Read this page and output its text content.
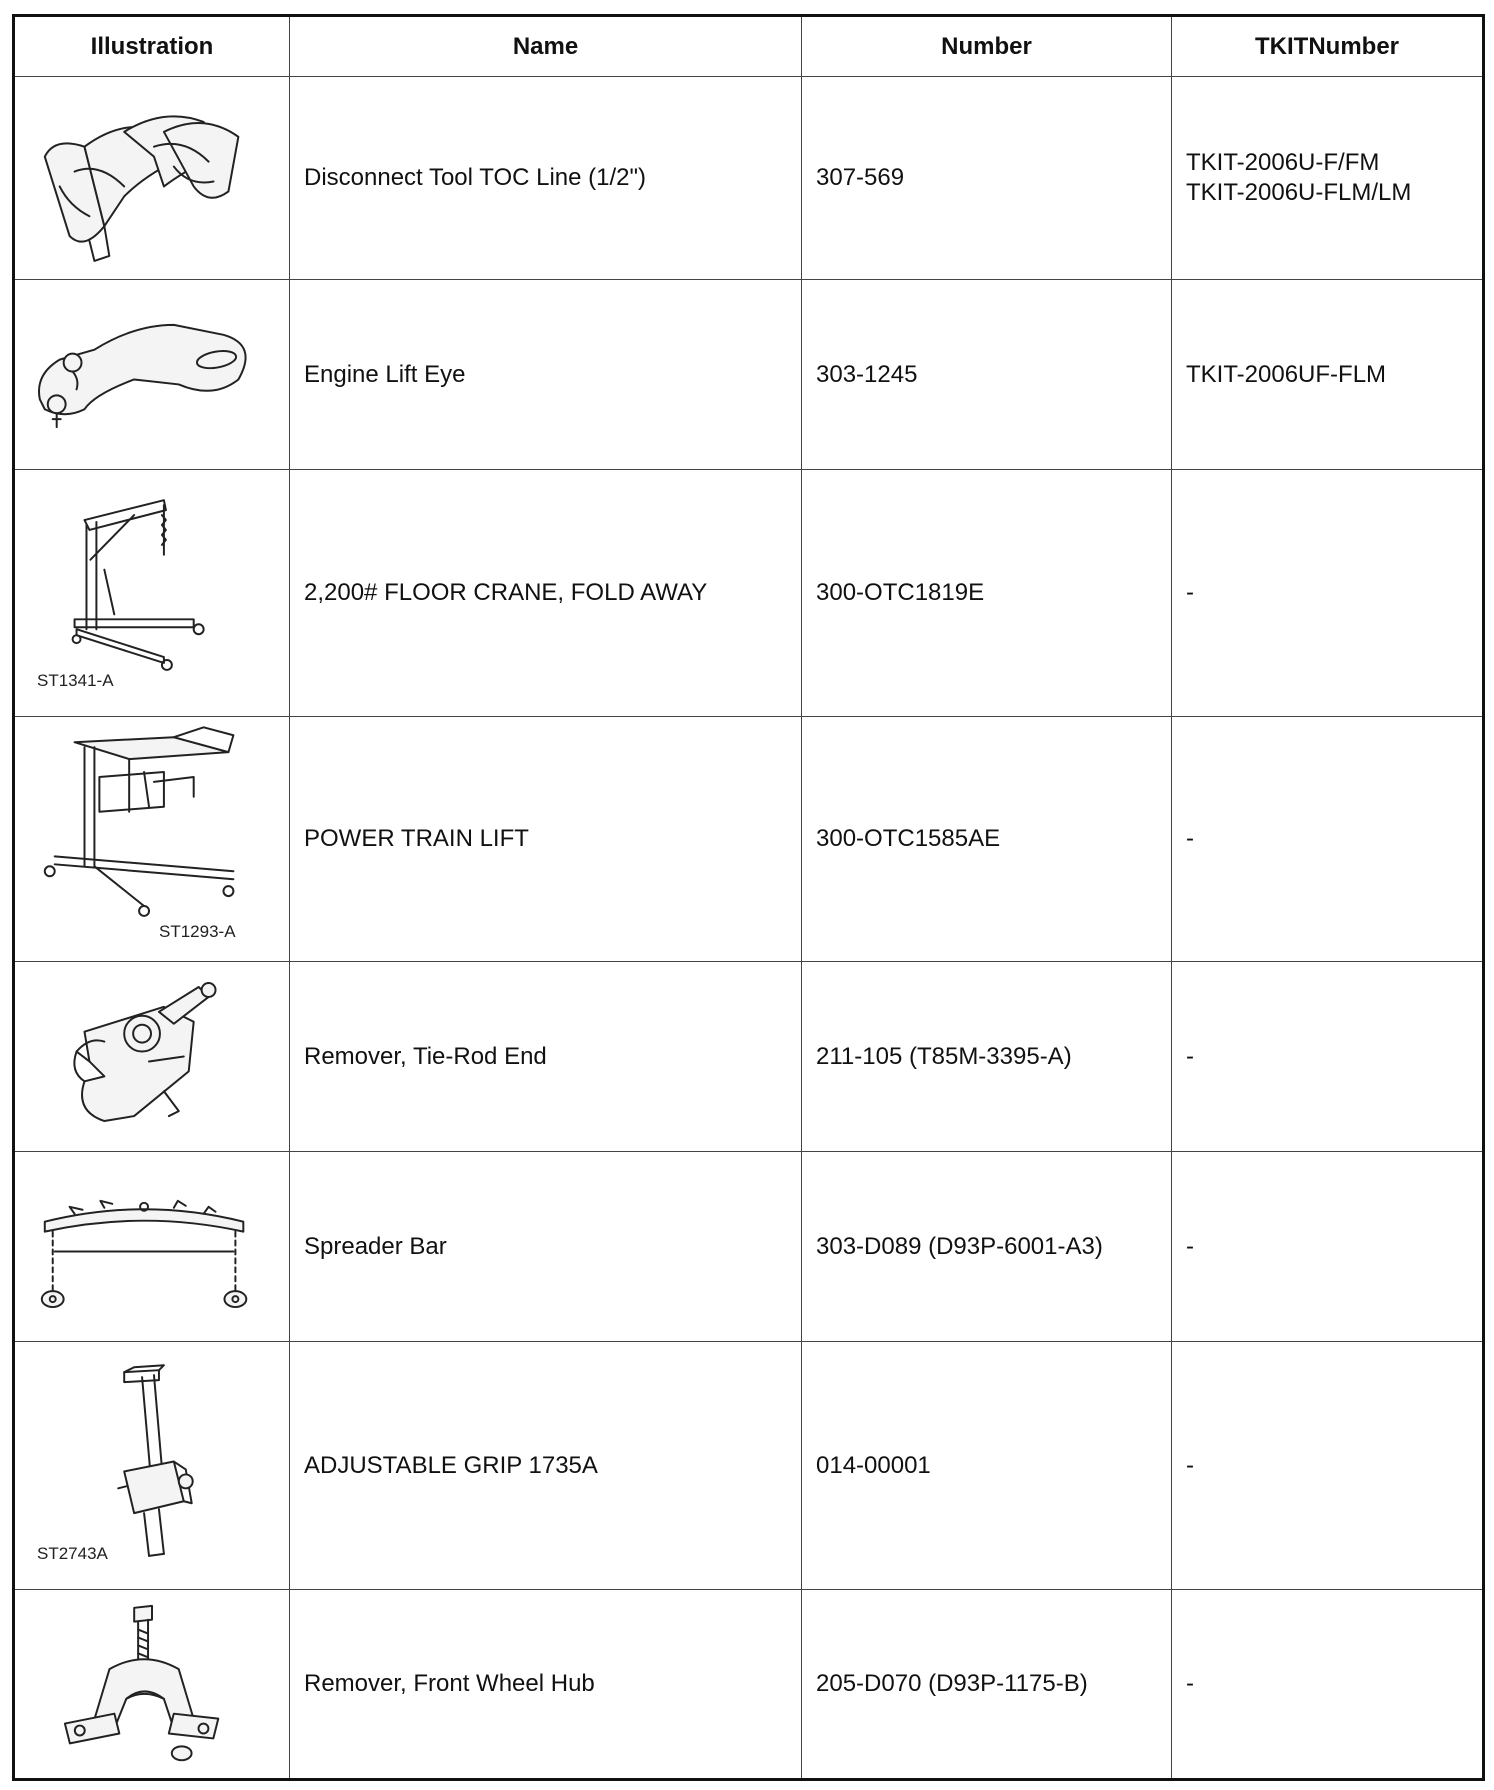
Illustration	Name	Number	TKITNumber

	Disconnect Tool TOC Line (1/2")	307-569	TKIT-2006U-F/FM
TKIT-2006U-FLM/LM

	Engine Lift Eye	303-1245	TKIT-2006UF-FLM

ST1341-A	2,200# FLOOR CRANE, FOLD AWAY	300-OTC1819E	-

ST1293-A	POWER TRAIN LIFT	300-OTC1585AE	-

	Remover, Tie-Rod End	211-105 (T85M-3395-A)	-

	Spreader Bar	303-D089 (D93P-6001-A3)	-

ST2743A	ADJUSTABLE GRIP 1735A	014-00001	-

	Remover, Front Wheel Hub	205-D070 (D93P-1175-B)	-
